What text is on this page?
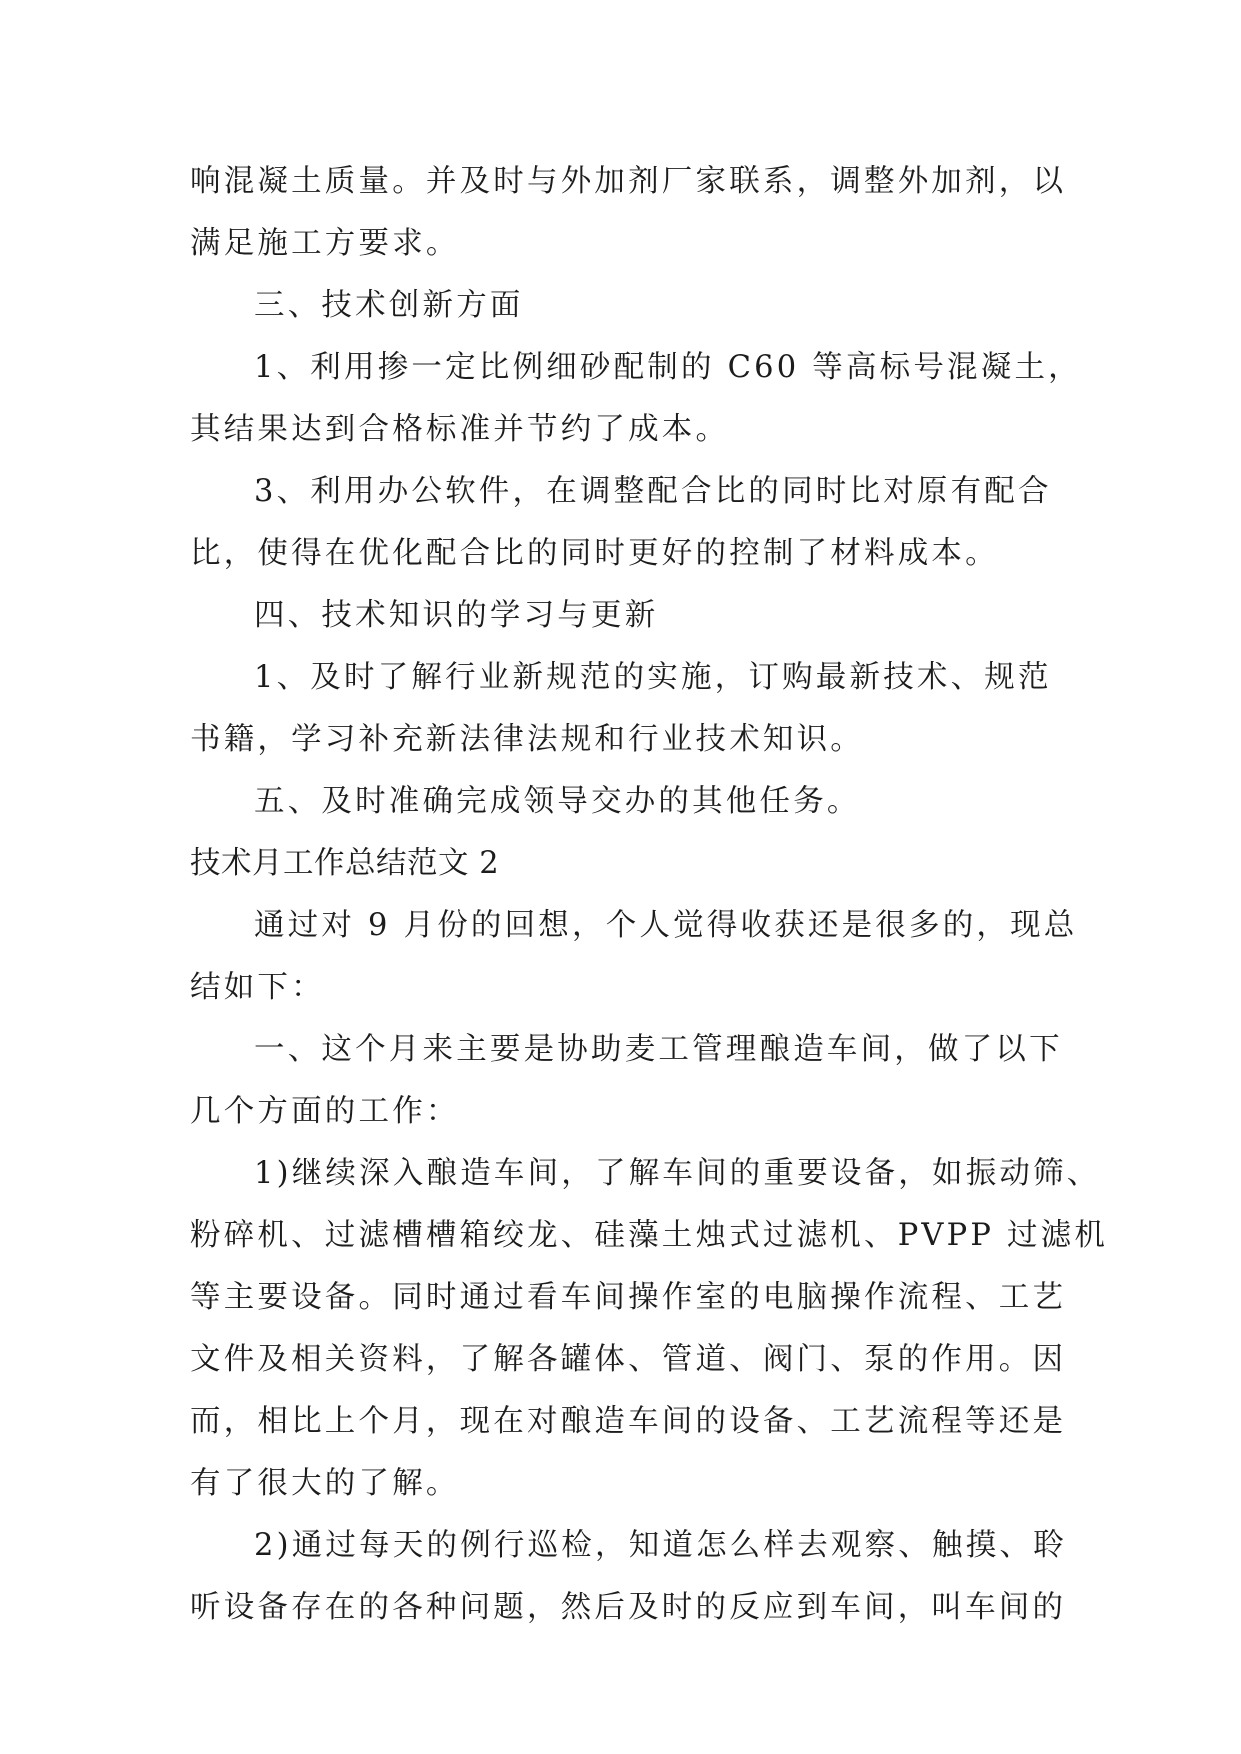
响混凝土质量。并及时与外加剂厂家联系，调整外加剂，以
满足施工方要求。
三、技术创新方面
1、利用掺一定比例细砂配制的 C60 等高标号混凝土，
其结果达到合格标准并节约了成本。
3、利用办公软件，在调整配合比的同时比对原有配合
比，使得在优化配合比的同时更好的控制了材料成本。
四、技术知识的学习与更新
1、及时了解行业新规范的实施，订购最新技术、规范
书籍，学习补充新法律法规和行业技术知识。
五、及时准确完成领导交办的其他任务。
技术月工作总结范文 2
通过对 9 月份的回想，个人觉得收获还是很多的，现总
结如下：
一、这个月来主要是协助麦工管理酿造车间，做了以下
几个方面的工作：
1)继续深入酿造车间，了解车间的重要设备，如振动筛、
粉碎机、过滤槽槽箱绞龙、硅藻土烛式过滤机、PVPP 过滤机
等主要设备。同时通过看车间操作室的电脑操作流程、工艺
文件及相关资料，了解各罐体、管道、阀门、泵的作用。因
而，相比上个月，现在对酿造车间的设备、工艺流程等还是
有了很大的了解。
2)通过每天的例行巡检，知道怎么样去观察、触摸、聆
听设备存在的各种问题，然后及时的反应到车间，叫车间的
